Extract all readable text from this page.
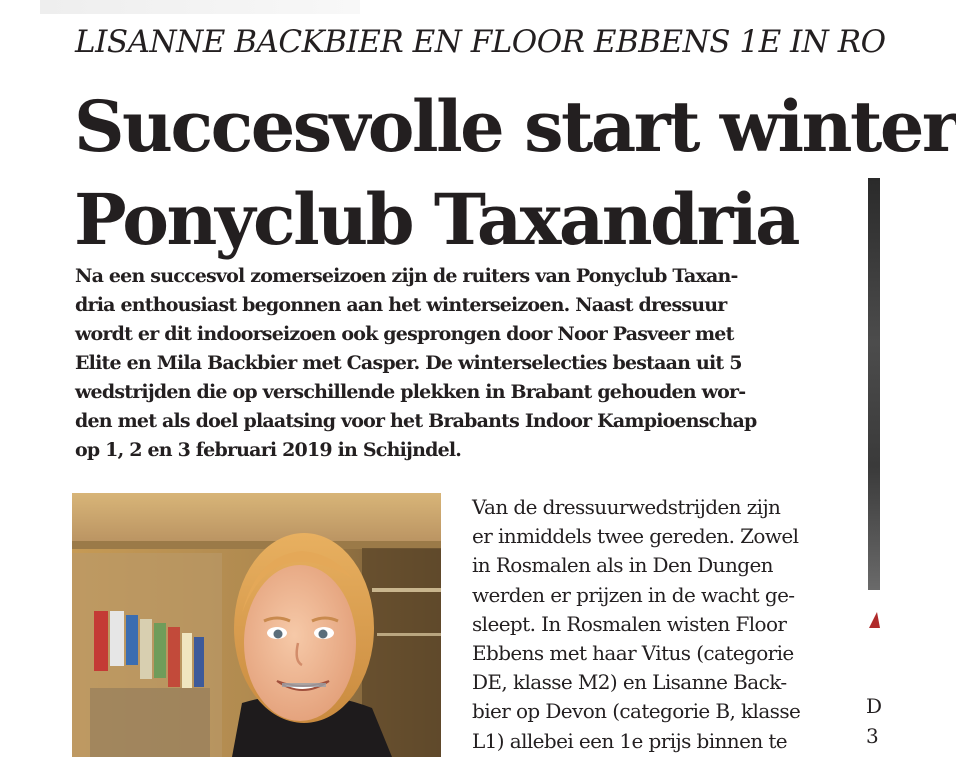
LISANNE BACKBIER EN FLOOR EBBENS 1E IN RO
Succesvolle start winter
Ponyclub Taxandria
Na een succesvol zomerseizoen zijn de ruiters van Ponyclub Taxan-
dria enthousiast begonnen aan het winterseizoen. Naast dressuur
wordt er dit indoorseizoen ook gesprongen door Noor Pasveer met
Elite en Mila Backbier met Casper. De winterselecties bestaan uit 5
wedstrijden die op verschillende plekken in Brabant gehouden wor-
den met als doel plaatsing voor het Brabants Indoor Kampioenschap
op 1, 2 en 3 februari 2019 in Schijndel.
Van de dressuurwedstrijden zijn
er inmiddels twee gereden. Zowel
in Rosmalen als in Den Dungen
werden er prijzen in de wacht ge-
sleept. In Rosmalen wisten Floor
Ebbens met haar Vitus (categorie
DE, klasse M2) en Lisanne Back-
bier op Devon (categorie B, klasse
L1) allebei een 1e prijs binnen te
D
3
